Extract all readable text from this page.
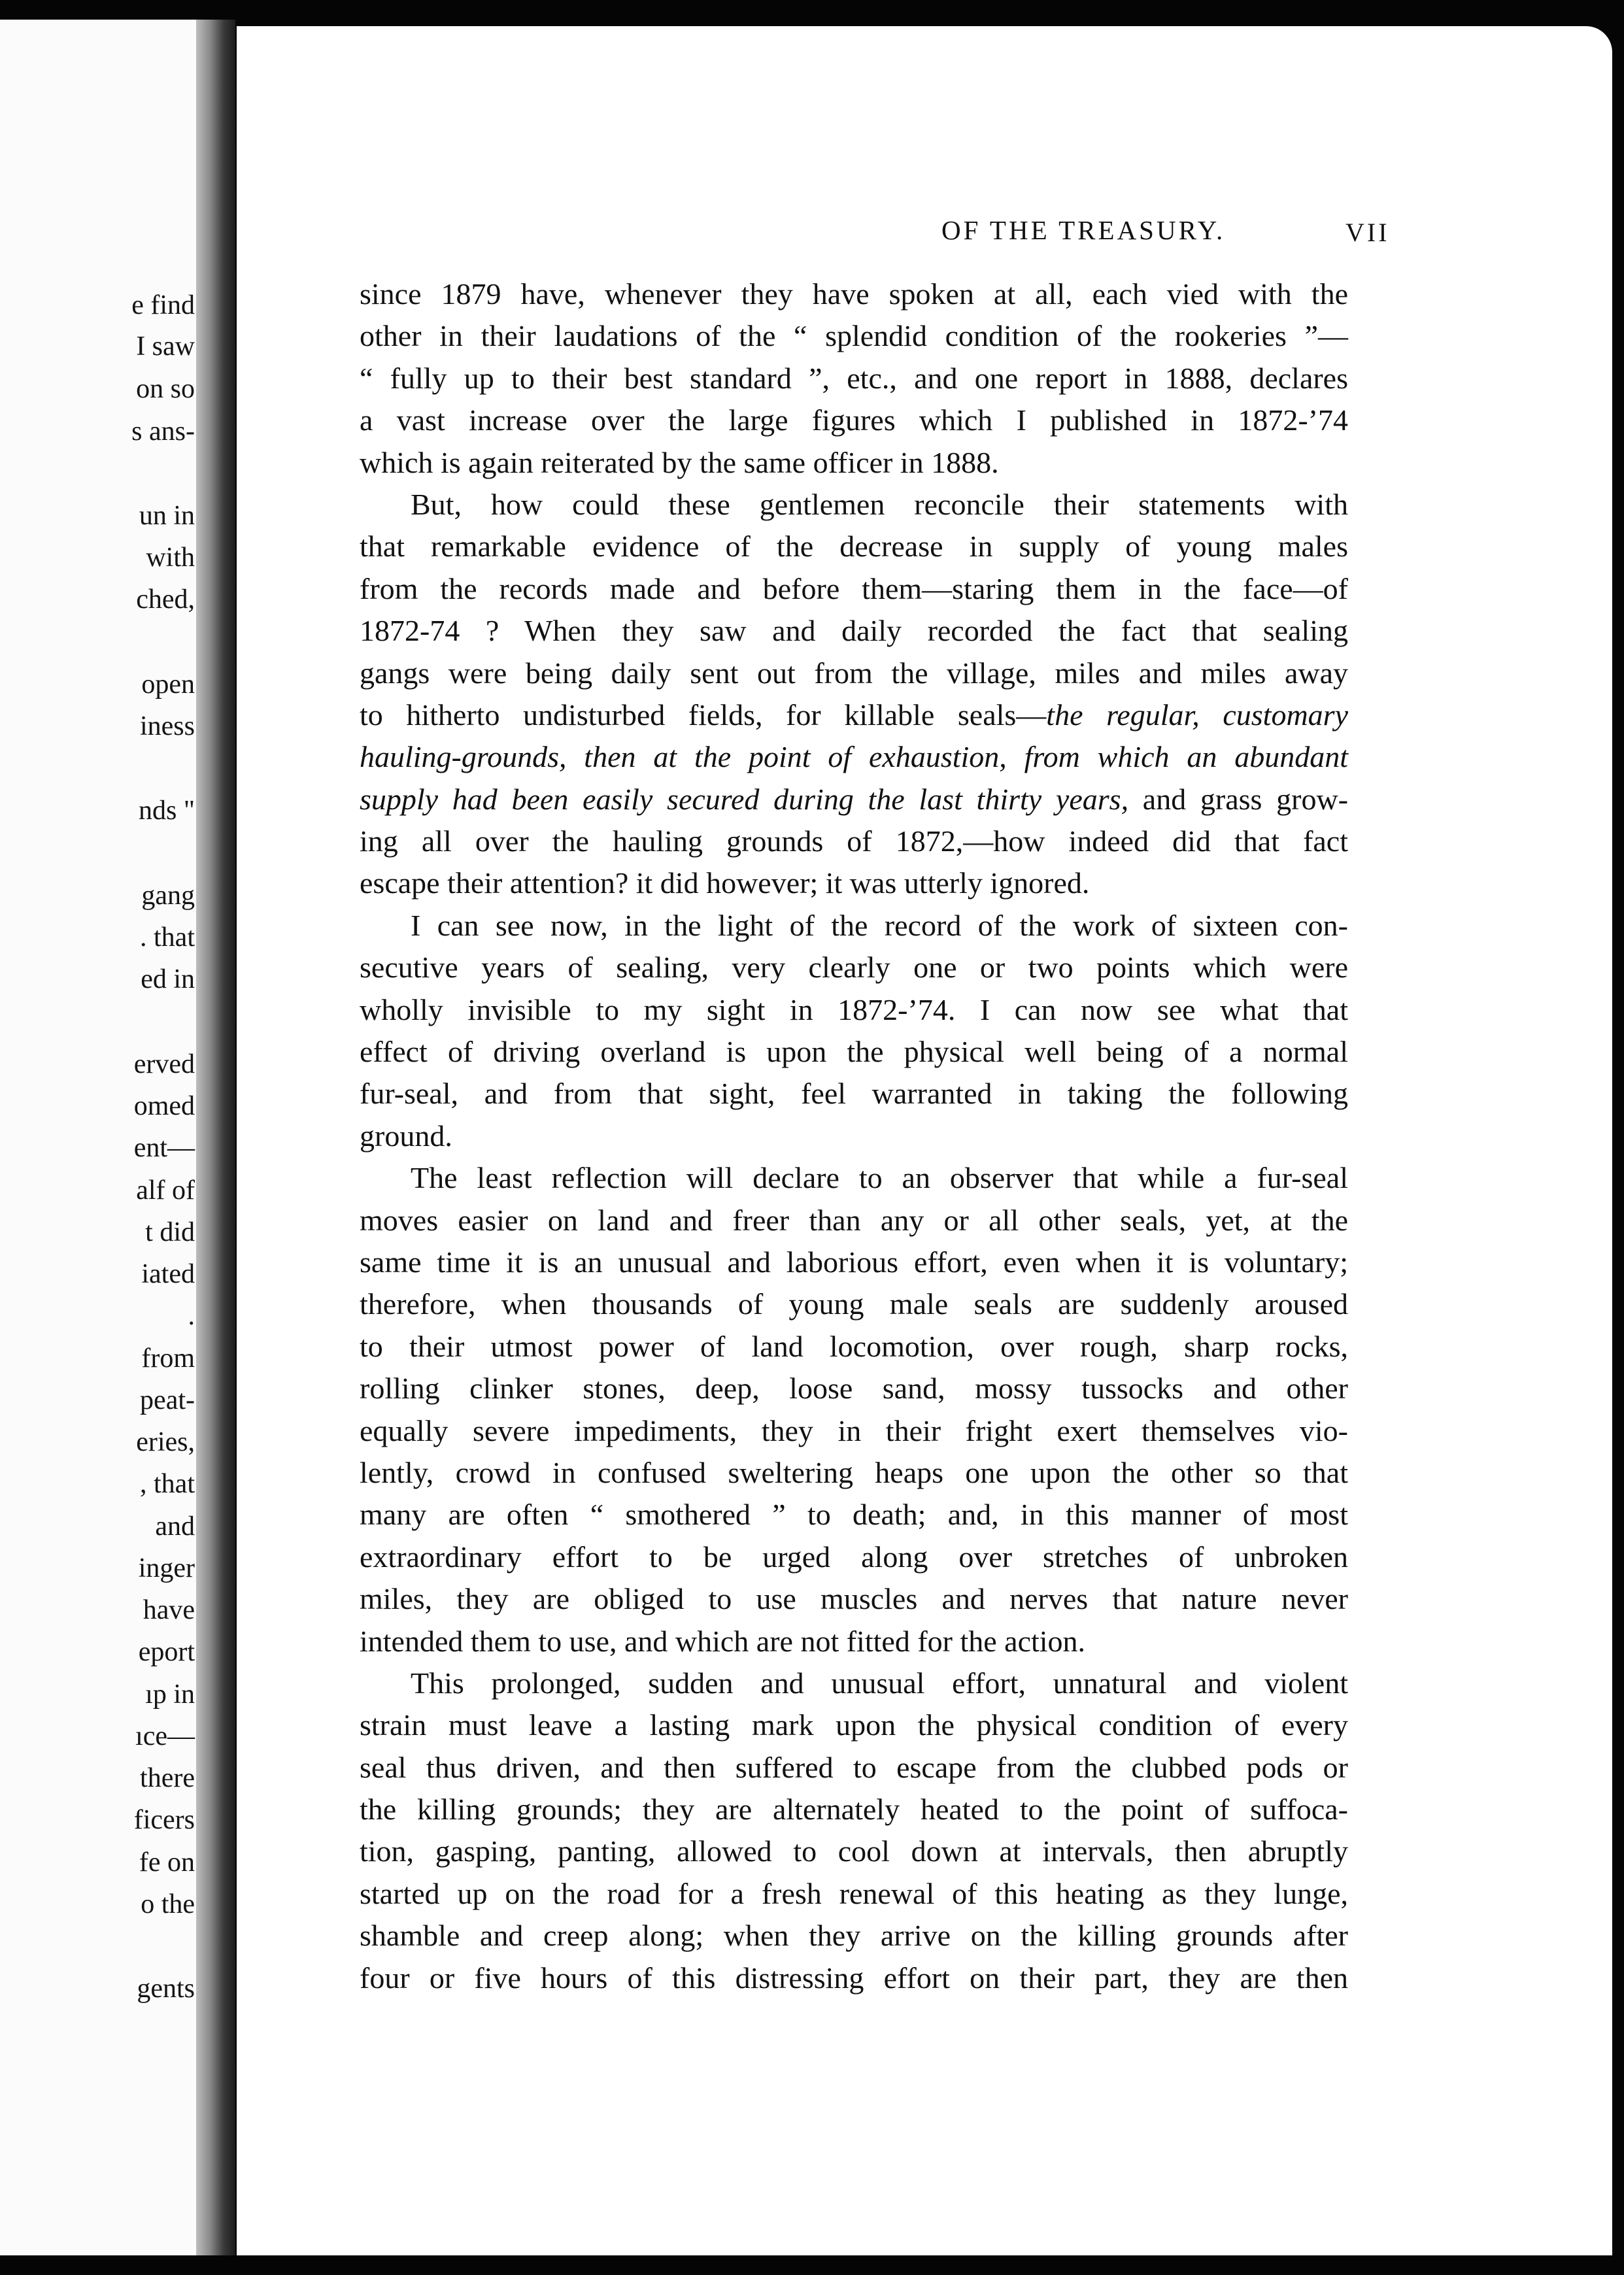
e find
I saw
on so
s ans-
un in
with
ched,
open
iness
nds "
gang
. that
ed in
erved
omed
ent—
alf of
t did
iated
.
from
peat-
eries,
, that
and
inger
have
eport
ıp in
ıce—
there
ficers
fe on
o the
gents
OF THE TREASURY.	VII
since 1879 have, whenever they have spoken at all, each vied with the
other in their laudations of the “ splendid condition of the rookeries ”—
“ fully up to their best standard ”, etc., and one report in 1888, declares
a vast increase over the large figures which I published in 1872-’74
which is again reiterated by the same officer in 1888.
But, how could these gentlemen reconcile their statements with
that remarkable evidence of the decrease in supply of young males
from the records made and before them—staring them in the face—of
1872-74 ? When they saw and daily recorded the fact that sealing
gangs were being daily sent out from the village, miles and miles away
to hitherto undisturbed fields, for killable seals—the regular, customary
hauling-grounds, then at the point of exhaustion, from which an abundant
supply had been easily secured during the last thirty years, and grass grow-
ing all over the hauling grounds of 1872,—how indeed did that fact
escape their attention? it did however; it was utterly ignored.
I can see now, in the light of the record of the work of sixteen con-
secutive years of sealing, very clearly one or two points which were
wholly invisible to my sight in 1872-’74. I can now see what that
effect of driving overland is upon the physical well being of a normal
fur-seal, and from that sight, feel warranted in taking the following
ground.
The least reflection will declare to an observer that while a fur-seal
moves easier on land and freer than any or all other seals, yet, at the
same time it is an unusual and laborious effort, even when it is voluntary;
therefore, when thousands of young male seals are suddenly aroused
to their utmost power of land locomotion, over rough, sharp rocks,
rolling clinker stones, deep, loose sand, mossy tussocks and other
equally severe impediments, they in their fright exert themselves vio-
lently, crowd in confused sweltering heaps one upon the other so that
many are often “ smothered ” to death; and, in this manner of most
extraordinary effort to be urged along over stretches of unbroken
miles, they are obliged to use muscles and nerves that nature never
intended them to use, and which are not fitted for the action.
This prolonged, sudden and unusual effort, unnatural and violent
strain must leave a lasting mark upon the physical condition of every
seal thus driven, and then suffered to escape from the clubbed pods or
the killing grounds; they are alternately heated to the point of suffoca-
tion, gasping, panting, allowed to cool down at intervals, then abruptly
started up on the road for a fresh renewal of this heating as they lunge,
shamble and creep along; when they arrive on the killing grounds after
four or five hours of this distressing effort on their part, they are then
